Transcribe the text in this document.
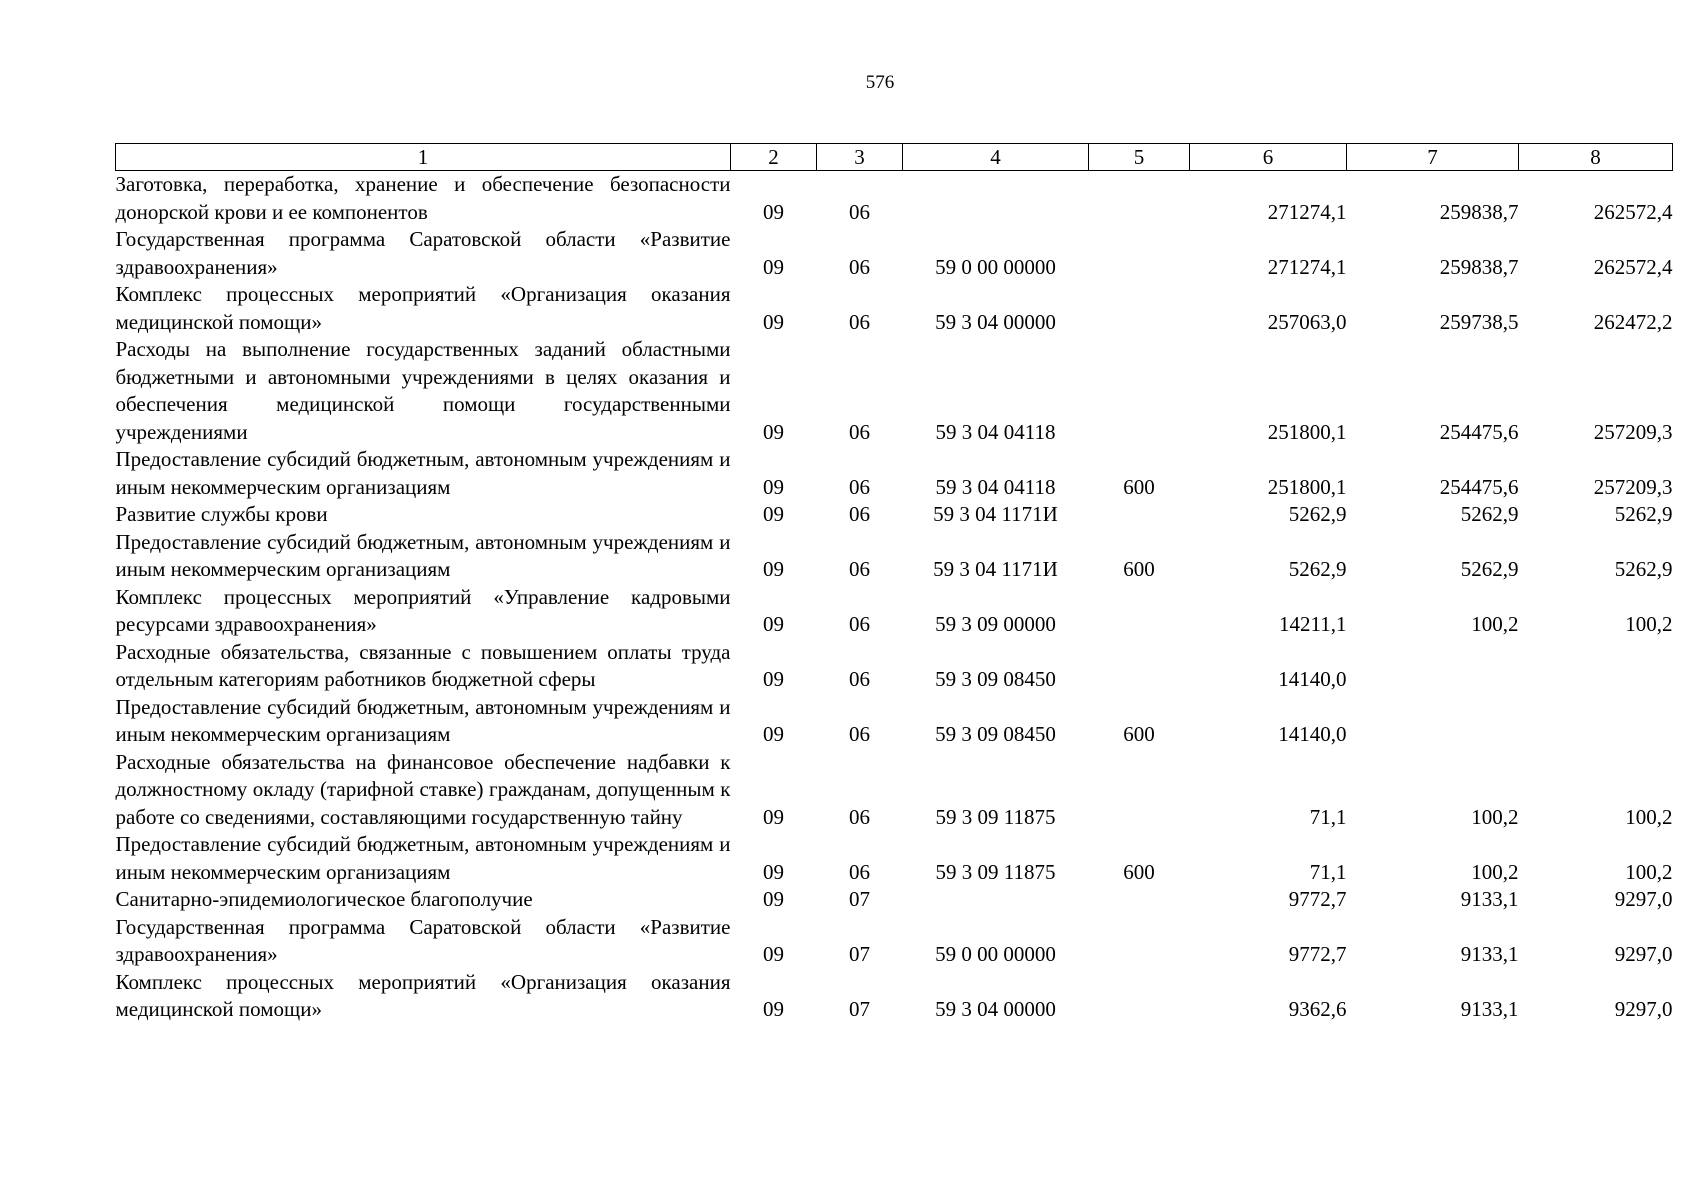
576
1	2	3	4	5	6	7	8
Заготовка, переработка, хранение и обеспечение безопасности донорской крови и ее компонентов	09	06			271274,1	259838,7	262572,4
Государственная программа Саратовской области «Развитие здравоохранения»	09	06	59 0 00 00000		271274,1	259838,7	262572,4
Комплекс процессных мероприятий «Организация оказания медицинской помощи»	09	06	59 3 04 00000		257063,0	259738,5	262472,2
Расходы на выполнение государственных заданий областными бюджетными и автономными учреждениями в целях оказания и обеспечения медицинской помощи государственными учреждениями	09	06	59 3 04 04118		251800,1	254475,6	257209,3
Предоставление субсидий бюджетным, автономным учреждениям и иным некоммерческим организациям	09	06	59 3 04 04118	600	251800,1	254475,6	257209,3
Развитие службы крови	09	06	59 3 04 1171И		5262,9	5262,9	5262,9
Предоставление субсидий бюджетным, автономным учреждениям и иным некоммерческим организациям	09	06	59 3 04 1171И	600	5262,9	5262,9	5262,9
Комплекс процессных мероприятий «Управление кадровыми ресурсами здравоохранения»	09	06	59 3 09 00000		14211,1	100,2	100,2
Расходные обязательства, связанные с повышением оплаты труда отдельным категориям работников бюджетной сферы	09	06	59 3 09 08450		14140,0		
Предоставление субсидий бюджетным, автономным учреждениям и иным некоммерческим организациям	09	06	59 3 09 08450	600	14140,0		
Расходные обязательства на финансовое обеспечение надбавки к должностному окладу (тарифной ставке) гражданам, допущенным к работе со сведениями, составляющими государственную тайну	09	06	59 3 09 11875		71,1	100,2	100,2
Предоставление субсидий бюджетным, автономным учреждениям и иным некоммерческим организациям	09	06	59 3 09 11875	600	71,1	100,2	100,2
Санитарно-эпидемиологическое благополучие	09	07			9772,7	9133,1	9297,0
Государственная программа Саратовской области «Развитие здравоохранения»	09	07	59 0 00 00000		9772,7	9133,1	9297,0
Комплекс процессных мероприятий «Организация оказания медицинской помощи»	09	07	59 3 04 00000		9362,6	9133,1	9297,0
